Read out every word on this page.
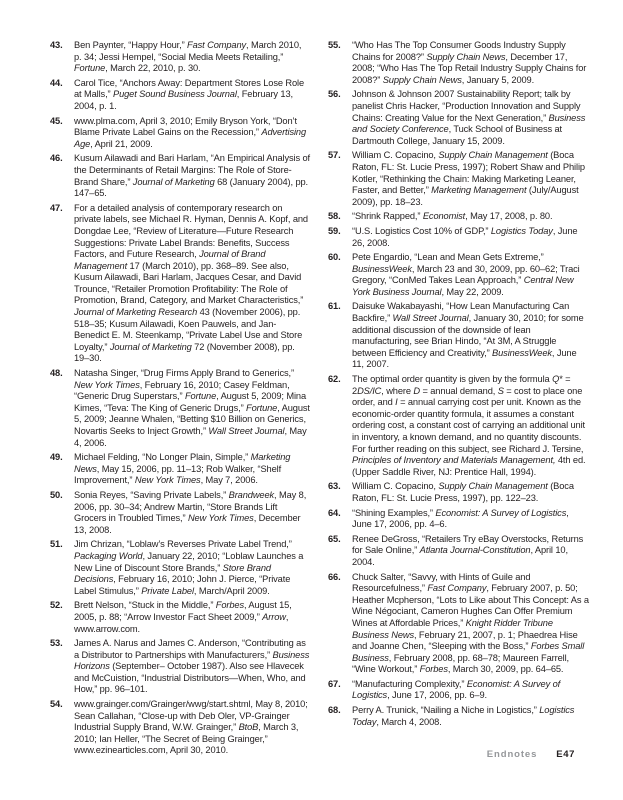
43.	Ben Paynter, “Happy Hour,” Fast Company, March 2010, p. 34; Jessi Hempel, “Social Media Meets Retailing,” Fortune, March 22, 2010, p. 30.
44.	Carol Tice, “Anchors Away: Department Stores Lose Role at Malls,” Puget Sound Business Journal, February 13, 2004, p. 1.
45.	www.plma.com, April 3, 2010; Emily Bryson York, “Don’t Blame Private Label Gains on the Recession,” Advertising Age, April 21, 2009.
46.	Kusum Ailawadi and Bari Harlam, “An Empirical Analysis of the Determinants of Retail Margins: The Role of Store-Brand Share,” Journal of Marketing 68 (January 2004), pp. 147–65.
47.	For a detailed analysis of contemporary research on private labels, see Michael R. Hyman, Dennis A. Kopf, and Dongdae Lee, “Review of Literature—Future Research Suggestions: Private Label Brands: Benefits, Success Factors, and Future Research, Journal of Brand Management 17 (March 2010), pp. 368–89. See also, Kusum Ailawadi, Bari Harlam, Jacques Cesar, and David Trounce, “Retailer Promotion Profitability: The Role of Promotion, Brand, Category, and Market Characteristics,” Journal of Marketing Research 43 (November 2006), pp. 518–35; Kusum Ailawadi, Koen Pauwels, and Jan-Benedict E. M. Steenkamp, “Private Label Use and Store Loyalty,” Journal of Marketing 72 (November 2008), pp. 19–30.
48.	Natasha Singer, “Drug Firms Apply Brand to Generics,” New York Times, February 16, 2010; Casey Feldman, “Generic Drug Superstars,” Fortune, August 5, 2009; Mina Kimes, “Teva: The King of Generic Drugs,” Fortune, August 5, 2009; Jeanne Whalen, “Betting $10 Billion on Generics, Novartis Seeks to Inject Growth,” Wall Street Journal, May 4, 2006.
49.	Michael Felding, “No Longer Plain, Simple,” Marketing News, May 15, 2006, pp. 11–13; Rob Walker, “Shelf Improvement,” New York Times, May 7, 2006.
50.	Sonia Reyes, “Saving Private Labels,” Brandweek, May 8, 2006, pp. 30–34; Andrew Martin, “Store Brands Lift Grocers in Troubled Times,” New York Times, December 13, 2008.
51.	Jim Chrizan, “Loblaw’s Reverses Private Label Trend,” Packaging World, January 22, 2010; “Loblaw Launches a New Line of Discount Store Brands,” Store Brand Decisions, February 16, 2010; John J. Pierce, “Private Label Stimulus,” Private Label, March/April 2009.
52.	Brett Nelson, “Stuck in the Middle,” Forbes, August 15, 2005, p. 88; “Arrow Investor Fact Sheet 2009,” Arrow, www.arrow.com.
53.	James A. Narus and James C. Anderson, “Contributing as a Distributor to Partnerships with Manufacturers,” Business Horizons (September– October 1987). Also see Hlavecek and McCuistion, “Industrial Distributors—When, Who, and How,” pp. 96–101.
54.	www.grainger.com/Grainger/wwg/start.shtml, May 8, 2010; Sean Callahan, “Close-up with Deb Oler, VP-Grainger Industrial Supply Brand, W.W. Grainger,” BtoB, March 3, 2010; Ian Heller, “The Secret of Being Grainger,” www.ezinearticles.com, April 30, 2010.
55.	“Who Has The Top Consumer Goods Industry Supply Chains for 2008?” Supply Chain News, December 17, 2008; “Who Has The Top Retail Industry Supply Chains for 2008?” Supply Chain News, January 5, 2009.
56.	Johnson & Johnson 2007 Sustainability Report; talk by panelist Chris Hacker, “Production Innovation and Supply Chains: Creating Value for the Next Generation,” Business and Society Conference, Tuck School of Business at Dartmouth College, January 15, 2009.
57.	William C. Copacino, Supply Chain Management (Boca Raton, FL: St. Lucie Press, 1997); Robert Shaw and Philip Kotler, “Rethinking the Chain: Making Marketing Leaner, Faster, and Better,” Marketing Management (July/August 2009), pp. 18–23.
58.	“Shrink Rapped,” Economist, May 17, 2008, p. 80.
59.	“U.S. Logistics Cost 10% of GDP,” Logistics Today, June 26, 2008.
60.	Pete Engardio, “Lean and Mean Gets Extreme,” BusinessWeek, March 23 and 30, 2009, pp. 60–62; Traci Gregory, “ConMed Takes Lean Approach,” Central New York Business Journal, May 22, 2009.
61.	Daisuke Wakabayashi, “How Lean Manufacturing Can Backfire,” Wall Street Journal, January 30, 2010; for some additional discussion of the downside of lean manufacturing, see Brian Hindo, “At 3M, A Struggle between Efficiency and Creativity,” BusinessWeek, June 11, 2007.
62.	The optimal order quantity is given by the formula Q* = 2DS/IC, where D = annual demand, S = cost to place one order, and I = annual carrying cost per unit. Known as the economic-order quantity formula, it assumes a constant ordering cost, a constant cost of carrying an additional unit in inventory, a known demand, and no quantity discounts. For further reading on this subject, see Richard J. Tersine, Principles of Inventory and Materials Management, 4th ed. (Upper Saddle River, NJ: Prentice Hall, 1994).
63.	William C. Copacino, Supply Chain Management (Boca Raton, FL: St. Lucie Press, 1997), pp. 122–23.
64.	“Shining Examples,” Economist: A Survey of Logistics, June 17, 2006, pp. 4–6.
65.	Renee DeGross, “Retailers Try eBay Overstocks, Returns for Sale Online,” Atlanta Journal-Constitution, April 10, 2004.
66.	Chuck Salter, “Savvy, with Hints of Guile and Resourcefulness,” Fast Company, February 2007, p. 50; Heather Mcpherson, “Lots to Like about This Concept: As a Wine Négociant, Cameron Hughes Can Offer Premium Wines at Affordable Prices,” Knight Ridder Tribune Business News, February 21, 2007, p. 1; Phaedrea Hise and Joanne Chen, “Sleeping with the Boss,” Forbes Small Business, February 2008, pp. 68–78; Maureen Farrell, “Wine Workout,” Forbes, March 30, 2009, pp. 64–65.
67.	“Manufacturing Complexity,” Economist: A Survey of Logistics, June 17, 2006, pp. 6–9.
68.	Perry A. Trunick, “Nailing a Niche in Logistics,” Logistics Today, March 4, 2008.
Endnotes E47
